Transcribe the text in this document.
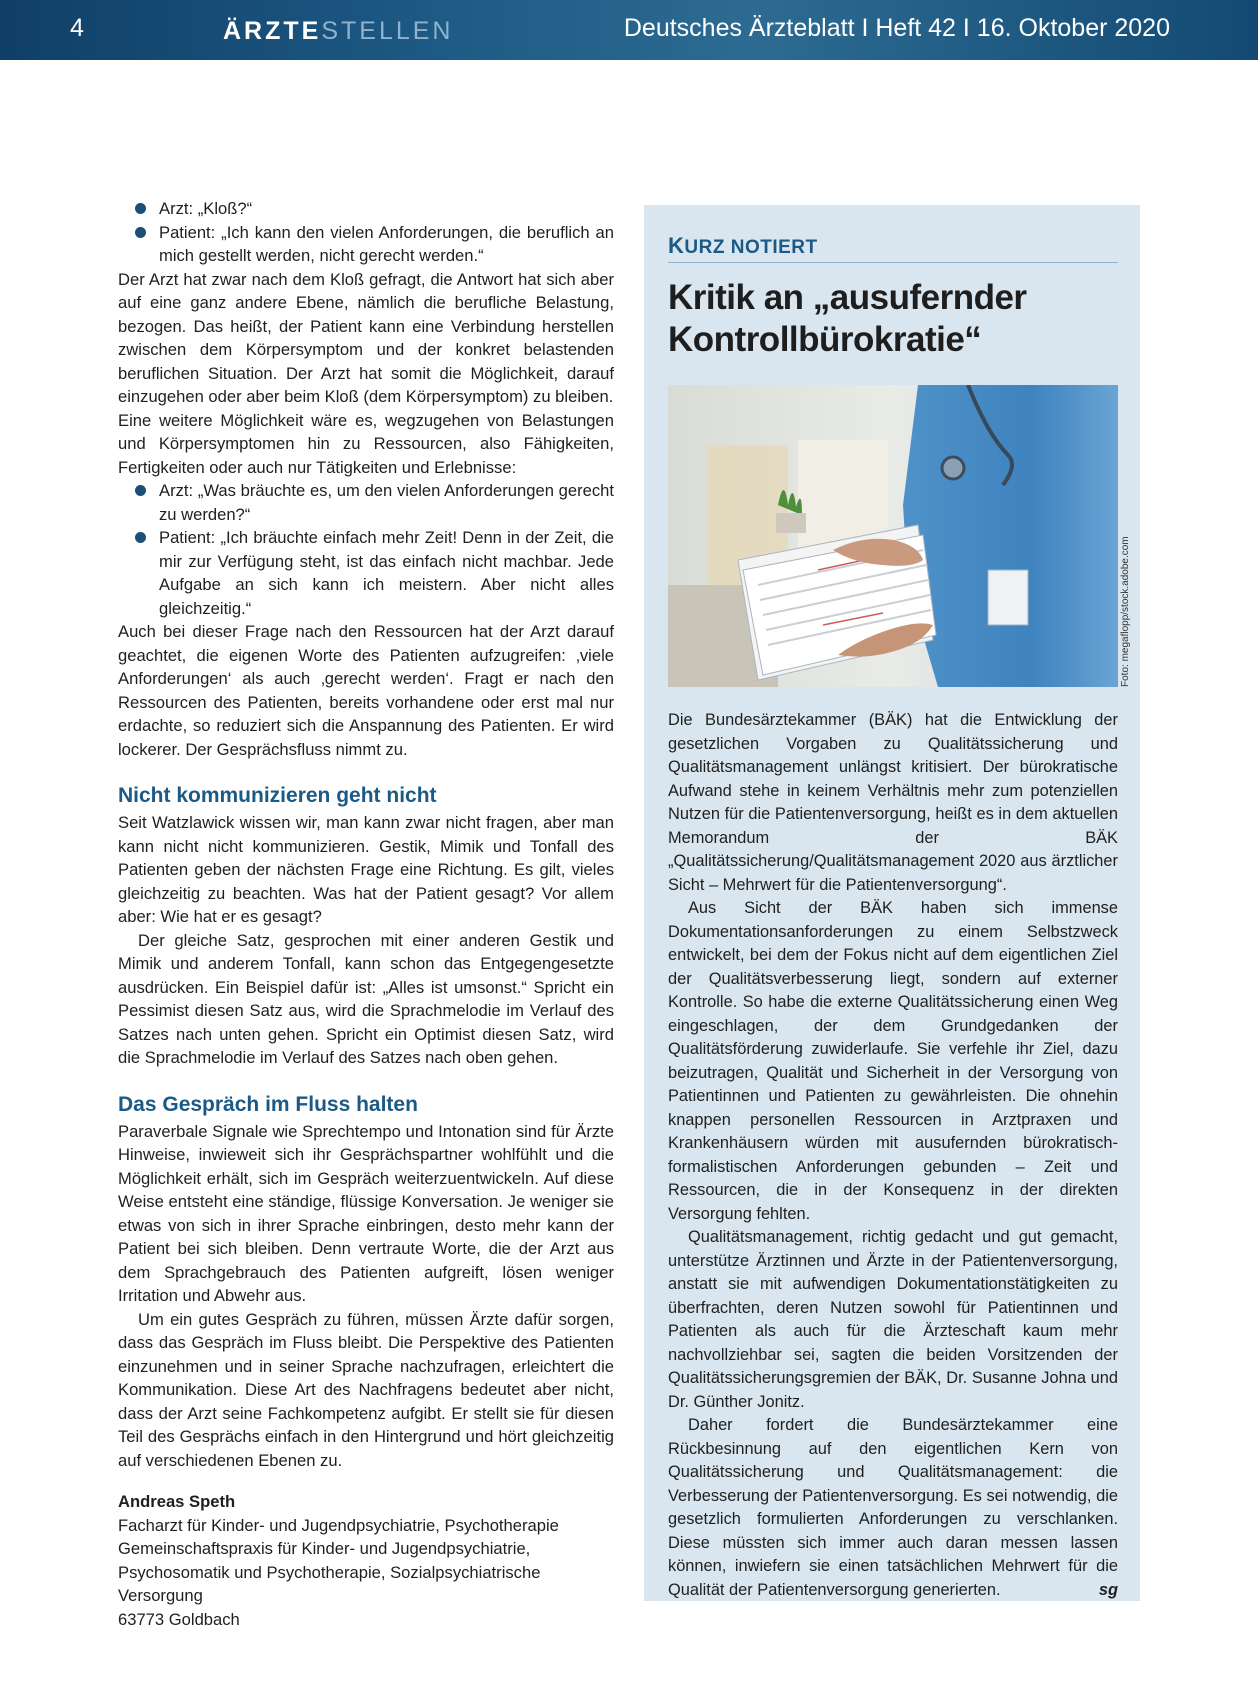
4	ÄRZTESTELLEN	Deutsches Ärzteblatt I Heft 42 I 16. Oktober 2020

Arzt: „Kloß?“

Patient: „Ich kann den vielen Anforderungen, die beruflich an mich gestellt werden, nicht gerecht werden.“

Der Arzt hat zwar nach dem Kloß gefragt, die Antwort hat sich aber auf eine ganz andere Ebene, nämlich die berufliche Belastung, bezogen. Das heißt, der Patient kann eine Verbindung herstellen zwischen dem Körpersymptom und der konkret belastenden beruflichen Situation. Der Arzt hat somit die Möglichkeit, darauf einzugehen oder aber beim Kloß (dem Körpersymptom) zu bleiben.

Eine weitere Möglichkeit wäre es, wegzugehen von Belastungen und Körpersymptomen hin zu Ressourcen, also Fähigkeiten, Fertigkeiten oder auch nur Tätigkeiten und Erlebnisse:

Arzt: „Was bräuchte es, um den vielen Anforderungen gerecht zu werden?“

Patient: „Ich bräuchte einfach mehr Zeit! Denn in der Zeit, die mir zur Verfügung steht, ist das einfach nicht machbar. Jede Aufgabe an sich kann ich meistern. Aber nicht alles gleichzeitig.“

Auch bei dieser Frage nach den Ressourcen hat der Arzt darauf geachtet, die eigenen Worte des Patienten aufzugreifen: ‚viele Anforderungen‘ als auch ‚gerecht werden‘. Fragt er nach den Ressourcen des Patienten, bereits vorhandene oder erst mal nur erdachte, so reduziert sich die Anspannung des Patienten. Er wird lockerer. Der Gesprächsfluss nimmt zu.

Nicht kommunizieren geht nicht

Seit Watzlawick wissen wir, man kann zwar nicht fragen, aber man kann nicht nicht kommunizieren. Gestik, Mimik und Tonfall des Patienten geben der nächsten Frage eine Richtung. Es gilt, vieles gleichzeitig zu beachten. Was hat der Patient gesagt? Vor allem aber: Wie hat er es gesagt?

Der gleiche Satz, gesprochen mit einer anderen Gestik und Mimik und anderem Tonfall, kann schon das Entgegengesetzte ausdrücken. Ein Beispiel dafür ist: „Alles ist umsonst.“ Spricht ein Pessimist diesen Satz aus, wird die Sprachmelodie im Verlauf des Satzes nach unten gehen. Spricht ein Optimist diesen Satz, wird die Sprachmelodie im Verlauf des Satzes nach oben gehen.

Das Gespräch im Fluss halten

Paraverbale Signale wie Sprechtempo und Intonation sind für Ärzte Hinweise, inwieweit sich ihr Gesprächspartner wohlfühlt und die Möglichkeit erhält, sich im Gespräch weiterzuentwickeln. Auf diese Weise entsteht eine ständige, flüssige Konversation. Je weniger sie etwas von sich in ihrer Sprache einbringen, desto mehr kann der Patient bei sich bleiben. Denn vertraute Worte, die der Arzt aus dem Sprachgebrauch des Patienten aufgreift, lösen weniger Irritation und Abwehr aus.

Um ein gutes Gespräch zu führen, müssen Ärzte dafür sorgen, dass das Gespräch im Fluss bleibt. Die Perspektive des Patienten einzunehmen und in seiner Sprache nachzufragen, erleichtert die Kommunikation. Diese Art des Nachfragens bedeutet aber nicht, dass der Arzt seine Fachkompetenz aufgibt. Er stellt sie für diesen Teil des Gesprächs einfach in den Hintergrund und hört gleichzeitig auf verschiedenen Ebenen zu.

Andreas Speth
Facharzt für Kinder- und Jugendpsychiatrie, Psychotherapie
Gemeinschaftspraxis für Kinder- und Jugendpsychiatrie, Psychosomatik und Psychotherapie, Sozialpsychiatrische Versorgung
63773 Goldbach
KURZ NOTIERT
Kritik an „ausufernder Kontrollbürokratie“
Foto: megaflopp/stock.adobe.com

Die Bundesärztekammer (BÄK) hat die Entwicklung der gesetzlichen Vorgaben zu Qualitätssicherung und Qualitätsmanagement unlängst kritisiert. Der bürokratische Aufwand stehe in keinem Verhältnis mehr zum potenziellen Nutzen für die Patientenversorgung, heißt es in dem aktuellen Memorandum der BÄK „Qualitätssicherung/Qualitätsmanagement 2020 aus ärztlicher Sicht – Mehrwert für die Patientenversorgung“.

Aus Sicht der BÄK haben sich immense Dokumentationsanforderungen zu einem Selbstzweck entwickelt, bei dem der Fokus nicht auf dem eigentlichen Ziel der Qualitätsverbesserung liegt, sondern auf externer Kontrolle. So habe die externe Qualitätssicherung einen Weg eingeschlagen, der dem Grundgedanken der Qualitätsförderung zuwiderlaufe. Sie verfehle ihr Ziel, dazu beizutragen, Qualität und Sicherheit in der Versorgung von Patientinnen und Patienten zu gewährleisten. Die ohnehin knappen personellen Ressourcen in Arztpraxen und Krankenhäusern würden mit ausufernden bürokratisch-formalistischen Anforderungen gebunden – Zeit und Ressourcen, die in der Konsequenz in der direkten Versorgung fehlten.

Qualitätsmanagement, richtig gedacht und gut gemacht, unterstütze Ärztinnen und Ärzte in der Patientenversorgung, anstatt sie mit aufwendigen Dokumentationstätigkeiten zu überfrachten, deren Nutzen sowohl für Patientinnen und Patienten als auch für die Ärzteschaft kaum mehr nachvollziehbar sei, sagten die beiden Vorsitzenden der Qualitätssicherungsgremien der BÄK, Dr. Susanne Johna und Dr. Günther Jonitz.

Daher fordert die Bundesärztekammer eine Rückbesinnung auf den eigentlichen Kern von Qualitätssicherung und Qualitätsmanagement: die Verbesserung der Patientenversorgung. Es sei notwendig, die gesetzlich formulierten Anforderungen zu verschlanken. Diese müssten sich immer auch daran messen lassen können, inwiefern sie einen tatsächlichen Mehrwert für die Qualität der Patientenversorgung generierten.	sg
